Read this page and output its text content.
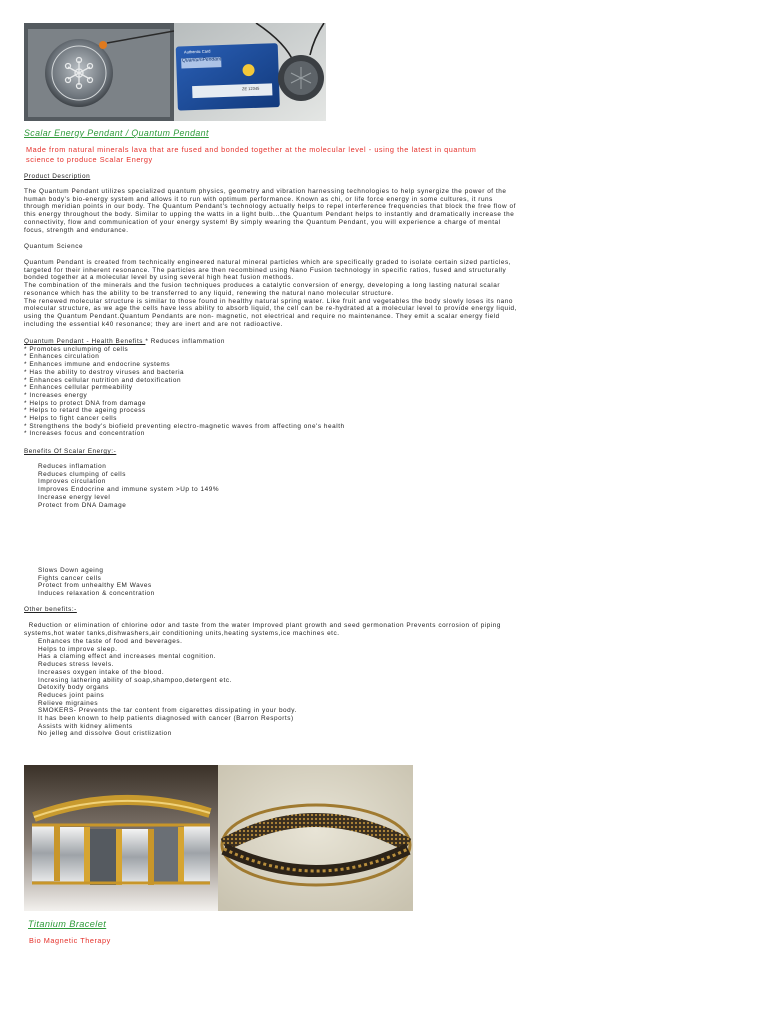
Authentic Card
QuantumPendant
ZE 12345
Scalar Energy Pendant / Quantum Pendant
Made from natural minerals lava that are fused and bonded together at the molecular level - using the latest in quantum
science to produce Scalar Energy
Product Description
The Quantum Pendant utilizes specialized quantum physics, geometry and vibration harnessing technologies to help synergize the power of the
human body's bio-energy system and allows it to run with optimum performance. Known as chi, or life force energy in some cultures, it runs
through meridian points in our body. The Quantum Pendant's technology actually helps to repel interference frequencies that block the free flow of
this energy throughout the body. Similar to upping the watts in a light bulb...the Quantum Pendant helps to instantly and dramatically increase the
connectivity, flow and communication of your energy system! By simply wearing the Quantum Pendant, you will experience a charge of mental
focus, strength and endurance.
Quantum Science
Quantum Pendant is created from technically engineered natural mineral particles which are specifically graded to isolate certain sized particles,
targeted for their inherent resonance. The particles are then recombined using Nano Fusion technology in specific ratios, fused and structurally
bonded together at a molecular level by using several high heat fusion methods.
The combination of the minerals and the fusion techniques produces a catalytic conversion of energy, developing a long lasting natural scalar
resonance which has the ability to be transferred to any liquid, renewing the natural nano molecular structure.
The renewed molecular structure is similar to those found in healthy natural spring water. Like fruit and vegetables the body slowly loses its nano
molecular structure, as we age the cells have less ability to absorb liquid, the cell can be re-hydrated at a molecular level to provide energy liquid,
using the Quantum Pendant.Quantum Pendants are non- magnetic, not electrical and require no maintenance. They emit a scalar energy field
including the essential k40 resonance; they are inert and are not radioactive.
Quantum Pendant - Health Benefits * Reduces inflammation
* Promotes unclumping of cells
* Enhances circulation
* Enhances immune and endocrine systems
* Has the ability to destroy viruses and bacteria
* Enhances cellular nutrition and detoxification
* Enhances cellular permeability
* Increases energy
* Helps to protect DNA from damage
* Helps to retard the ageing process
* Helps to fight cancer cells
* Strengthens the body's biofield preventing electro-magnetic waves from affecting one's health
* Increases focus and concentration
Benefits Of Scalar Energy:-
Reduces inflamation
Reduces clumping of cells
Improves circulation
Improves Endocrine and immune system >Up to 149%
Increase energy level
Protect from DNA Damage
Slows Down ageing
Fights cancer cells
Protect from unhealthy EM Waves
Induces relaxation & concentration
Other benefits:-
Reduction or elimination of chlorine odor and taste from the water Improved plant growth and seed germonation Prevents corrosion of piping
systems,hot water tanks,dishwashers,air conditioning units,heating systems,ice machines etc.
Enhances the taste of food and beverages.
Helps to improve sleep.
Has a claming effect and increases mental cognition.
Reduces stress levels.
Increases oxygen intake of the blood.
Incresing lathering ability of soap,shampoo,detergent etc.
Detoxify body organs
Reduces joint pains
Relieve migraines
SMOKERS- Prevents the tar content from cigarettes dissipating in your body.
It has been known to help patients diagnosed with cancer (Barron Resports)
Assists with kidney aliments
No jelleg and dissolve Gout cristlization
Titanium Bracelet
Bio Magnetic Therapy
